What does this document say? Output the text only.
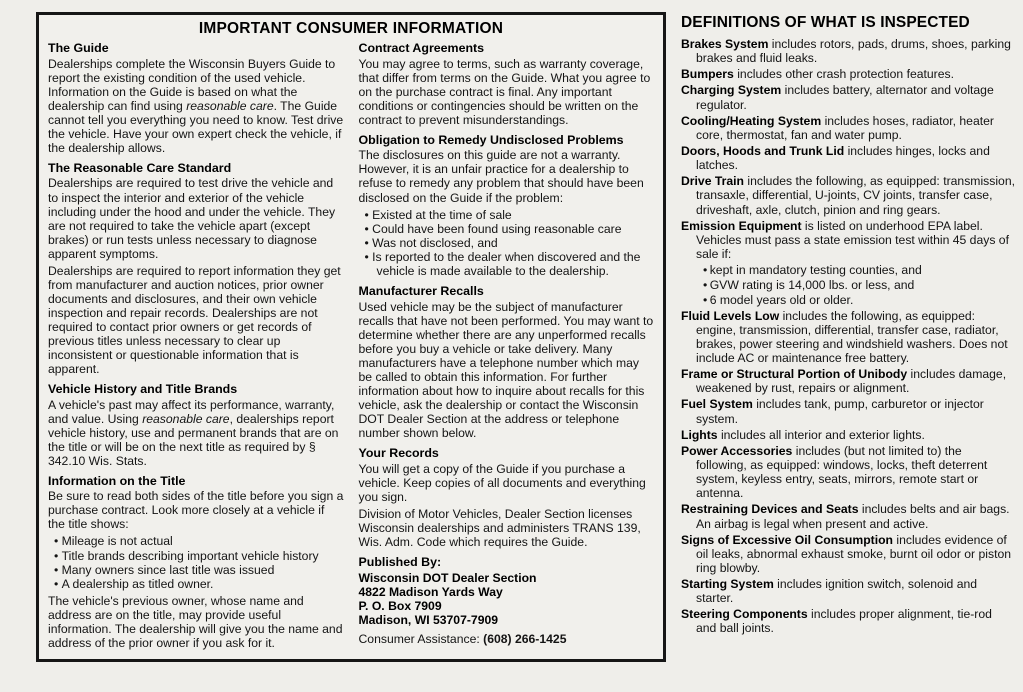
IMPORTANT CONSUMER INFORMATION
The Guide

Dealerships complete the Wisconsin Buyers Guide to report the existing condition of the used vehicle. Information on the Guide is based on what the dealership can find using reasonable care. The Guide cannot tell you everything you need to know. Test drive the vehicle. Have your own expert check the vehicle, if the dealership allows.

The Reasonable Care Standard

Dealerships are required to test drive the vehicle and to inspect the interior and exterior of the vehicle including under the hood and under the vehicle. They are not required to take the vehicle apart (except brakes) or run tests unless necessary to diagnose apparent symptoms.

Dealerships are required to report information they get from manufacturer and auction notices, prior owner documents and disclosures, and their own vehicle inspection and repair records. Dealerships are not required to contact prior owners or get records of previous titles unless necessary to clear up inconsistent or questionable information that is apparent.

Vehicle History and Title Brands

A vehicle's past may affect its performance, warranty, and value. Using reasonable care, dealerships report vehicle history, use and permanent brands that are on the title or will be on the next title as required by § 342.10 Wis. Stats.

Information on the Title

Be sure to read both sides of the title before you sign a purchase contract. Look more closely at a vehicle if the title shows:

• Mileage is not actual
• Title brands describing important vehicle history
• Many owners since last title was issued
• A dealership as titled owner.

The vehicle's previous owner, whose name and address are on the title, may provide useful information. The dealership will give you the name and address of the prior owner if you ask for it.

Contract Agreements

You may agree to terms, such as warranty coverage, that differ from terms on the Guide. What you agree to on the purchase contract is final. Any important conditions or contingencies should be written on the contract to prevent misunderstandings.

Obligation to Remedy Undisclosed Problems

The disclosures on this guide are not a warranty. However, it is an unfair practice for a dealership to refuse to remedy any problem that should have been disclosed on the Guide if the problem:

• Existed at the time of sale
• Could have been found using reasonable care
• Was not disclosed, and
• Is reported to the dealer when discovered and the vehicle is made available to the dealership.
Manufacturer Recalls

Used vehicle may be the subject of manufacturer recalls that have not been performed. You may want to determine whether there are any unperformed recalls before you buy a vehicle or take delivery. Many manufacturers have a telephone number which may be called to obtain this information. For further information about how to inquire about recalls for this vehicle, ask the dealership or contact the Wisconsin DOT Dealer Section at the address or telephone number shown below.

Your Records

You will get a copy of the Guide if you purchase a vehicle. Keep copies of all documents and everything you sign.

Division of Motor Vehicles, Dealer Section licenses Wisconsin dealerships and administers TRANS 139, Wis. Adm. Code which requires the Guide.

Published By:

Wisconsin DOT Dealer Section

4822 Madison Yards Way

P. O. Box 7909

Madison, WI 53707-7909

Consumer Assistance: (608) 266-1425

DEFINITIONS OF WHAT IS INSPECTED

Brakes System includes rotors, pads, drums, shoes, parking brakes and fluid leaks.

Bumpers includes other crash protection features.

Charging System includes battery, alternator and voltage regulator.

Cooling/Heating System includes hoses, radiator, heater core, thermostat, fan and water pump.

Doors, Hoods and Trunk Lid includes hinges, locks and latches.

Drive Train includes the following, as equipped: transmission, transaxle, differential, U-joints, CV joints, transfer case, driveshaft, axle, clutch, pinion and ring gears.

Emission Equipment is listed on underhood EPA label. Vehicles must pass a state emission test within 45 days of sale if:

• kept in mandatory testing counties, and

• GVW rating is 14,000 lbs. or less, and

• 6 model years old or older.

Fluid Levels Low includes the following, as equipped: engine, transmission, differential, transfer case, radiator, brakes, power steering and windshield washers. Does not include AC or maintenance free battery.

Frame or Structural Portion of Unibody includes damage, weakened by rust, repairs or alignment.

Fuel System includes tank, pump, carburetor or injector system.

Lights includes all interior and exterior lights.

Power Accessories includes (but not limited to) the following, as equipped: windows, locks, theft deterrent system, keyless entry, seats, mirrors, remote start or antenna.

Restraining Devices and Seats includes belts and air bags. An airbag is legal when present and active.

Signs of Excessive Oil Consumption includes evidence of oil leaks, abnormal exhaust smoke, burnt oil odor or piston ring blowby.

Starting System includes ignition switch, solenoid and starter.

Steering Components includes proper alignment, tie-rod and ball joints.
